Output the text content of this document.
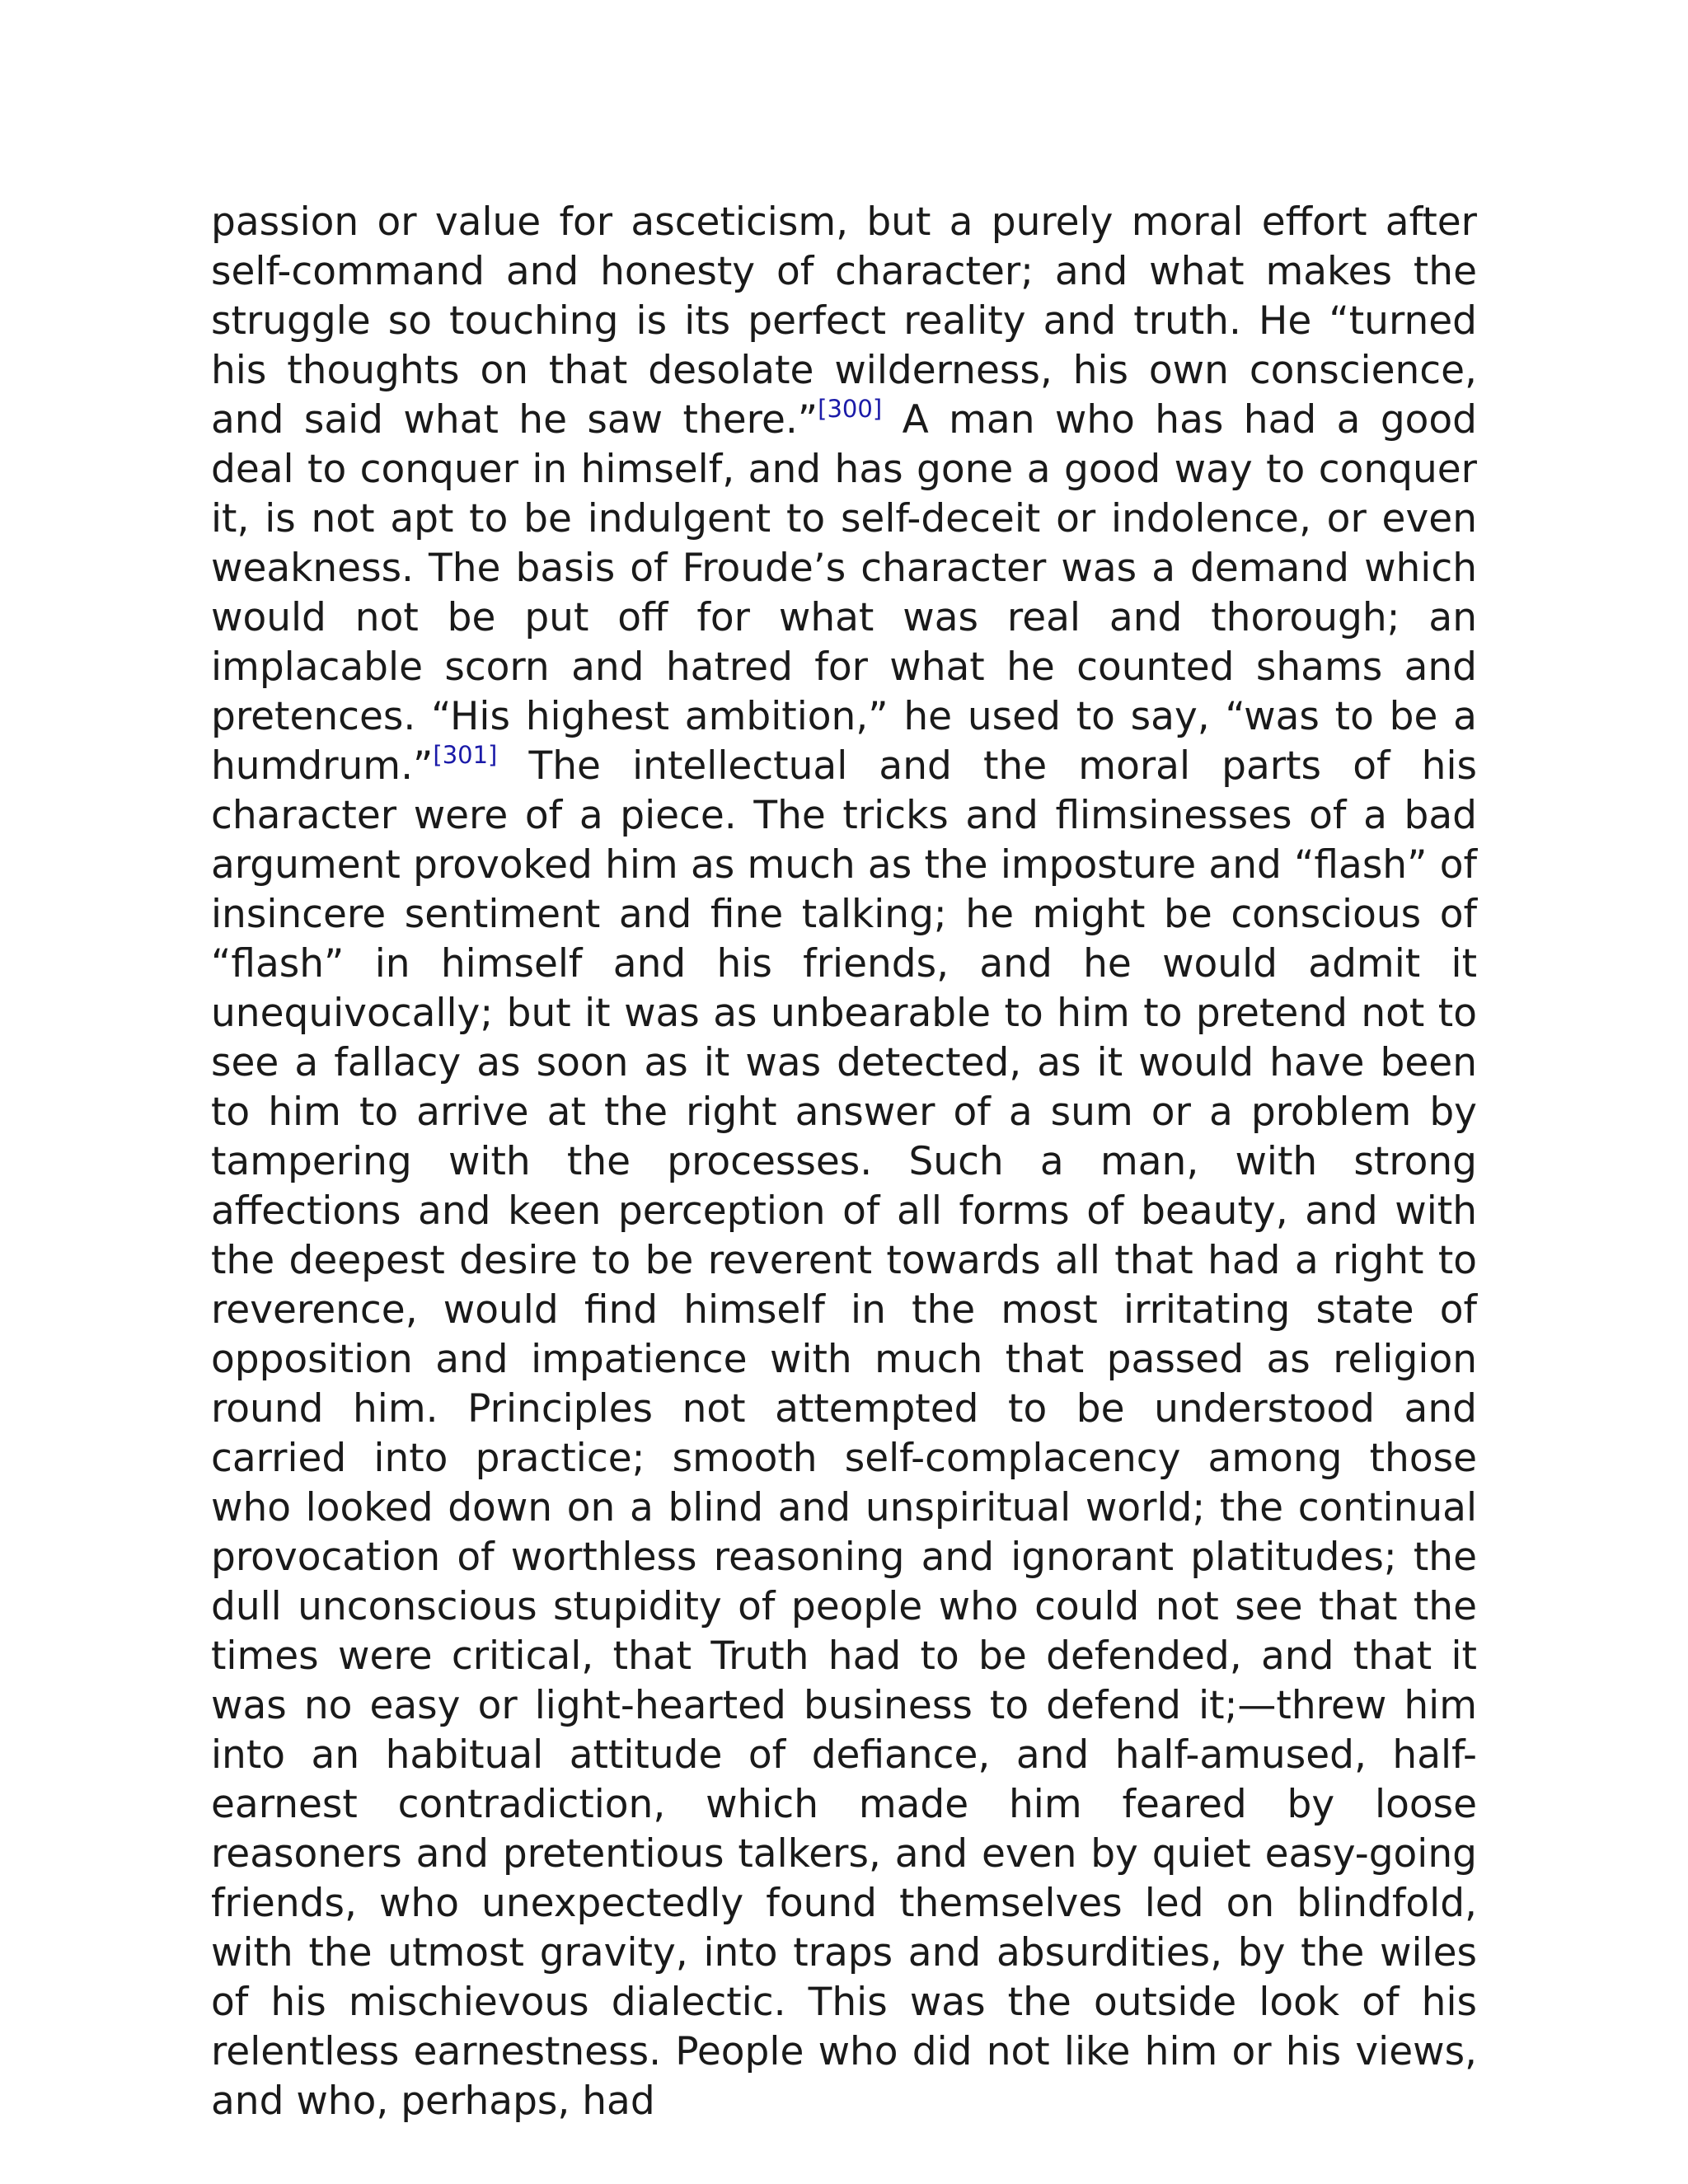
passion or value for asceticism, but a purely moral effort after self-command and honesty of character; and what makes the struggle so touching is its perfect reality and truth. He “turned his thoughts on that desolate wilderness, his own conscience, and said what he saw there.”[300] A man who has had a good deal to conquer in himself, and has gone a good way to conquer it, is not apt to be indulgent to self-deceit or indolence, or even weakness. The basis of Froude’s character was a demand which would not be put off for what was real and thorough; an implacable scorn and hatred for what he counted shams and pretences. “His highest ambition,” he used to say, “was to be a humdrum.”[301] The intellectual and the moral parts of his character were of a piece. The tricks and flimsinesses of a bad argument provoked him as much as the imposture and “flash” of insincere sentiment and fine talking; he might be conscious of “flash” in himself and his friends, and he would admit it unequivocally; but it was as unbearable to him to pretend not to see a fallacy as soon as it was detected, as it would have been to him to arrive at the right answer of a sum or a problem by tampering with the processes. Such a man, with strong affections and keen perception of all forms of beauty, and with the deepest desire to be reverent towards all that had a right to reverence, would find himself in the most irritating state of opposition and impatience with much that passed as religion round him. Principles not attempted to be understood and carried into practice; smooth self-complacency among those who looked down on a blind and unspiritual world; the continual provocation of worthless reasoning and ignorant platitudes; the dull unconscious stupidity of people who could not see that the times were critical, that Truth had to be defended, and that it was no easy or light-hearted business to defend it;—threw him into an habitual attitude of defiance, and half-amused, half-earnest contradiction, which made him feared by loose reasoners and pretentious talkers, and even by quiet easy-going friends, who unexpectedly found themselves led on blindfold, with the utmost gravity, into traps and absurdities, by the wiles of his mischievous dialectic. This was the outside look of his relentless earnestness. People who did not like him or his views, and who, perhaps, had
